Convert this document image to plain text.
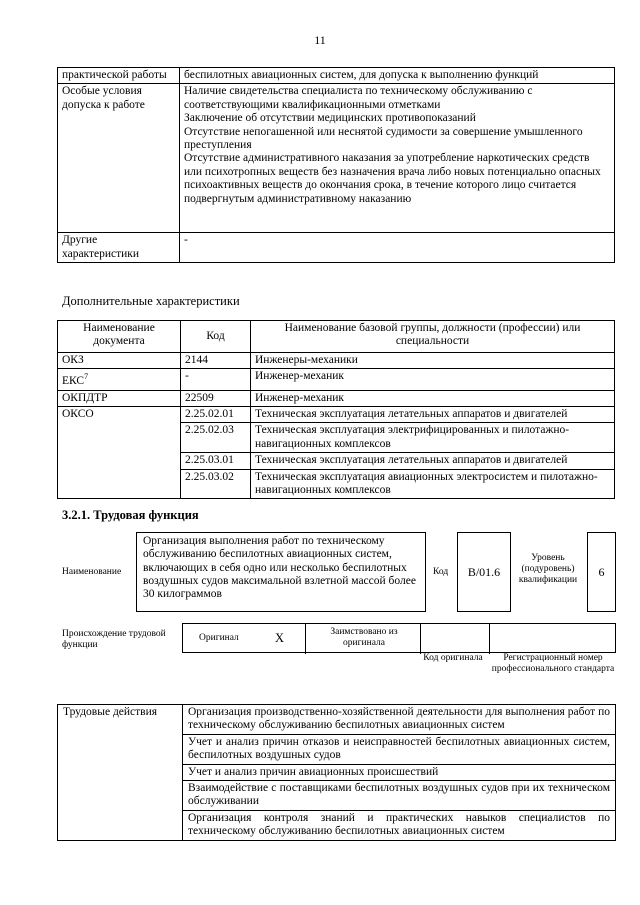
11
практической работы	беспилотных авиационных систем, для допуска к выполнению функций

Особые условия допуска к работе	Наличие свидетельства специалиста по техническому обслуживанию с соответствующими квалификационными отметками
Заключение об отсутствии медицинских противопоказаний
Отсутствие непогашенной или неснятой судимости за совершение умышленного преступления
Отсутствие административного наказания за употребление наркотических средств или психотропных веществ без назначения врача либо новых потенциально опасных психоактивных веществ до окончания срока, в течение которого лицо считается подвергнутым административному наказанию

Другие характеристики	-
Дополнительные характеристики
Наименование документа	Код	Наименование базовой группы, должности (профессии) или специальности
ОКЗ	2144	Инженеры-механики
ЕКС$^7$	-	Инженер-механик
ОКПДТР	22509	Инженер-механик
ОКСО	2.25.02.01	Техническая эксплуатация летательных аппаратов и двигателей
	2.25.02.03	Техническая эксплуатация электрифицированных и пилотажно-навигационных комплексов
	2.25.03.01	Техническая эксплуатация летательных аппаратов и двигателей
	2.25.03.02	Техническая эксплуатация авиационных электросистем и пилотажно-навигационных комплексов
3.2.1. Трудовая функция
Наименование
Организация выполнения работ по техническому обслуживанию беспилотных авиационных систем, включающих в себя одно или несколько беспилотных воздушных судов максимальной взлетной массой более 30 килограммов
Код	B/01.6
Уровень (подуровень) квалификации
6
Происхождение трудовой функции
Оригинал	X	Заимствовано из оригинала
Код оригинала	Регистрационный номер профессионального стандарта
Трудовые действия	Организация производственно-хозяйственной деятельности для выполнения работ по техническому обслуживанию беспилотных авиационных систем
Учет и анализ причин отказов и неисправностей беспилотных авиационных систем, беспилотных воздушных судов
Учет и анализ причин авиационных происшествий
Взаимодействие с поставщиками беспилотных воздушных судов при их техническом обслуживании
Организация контроля знаний и практических навыков специалистов по техническому обслуживанию беспилотных авиационных систем
